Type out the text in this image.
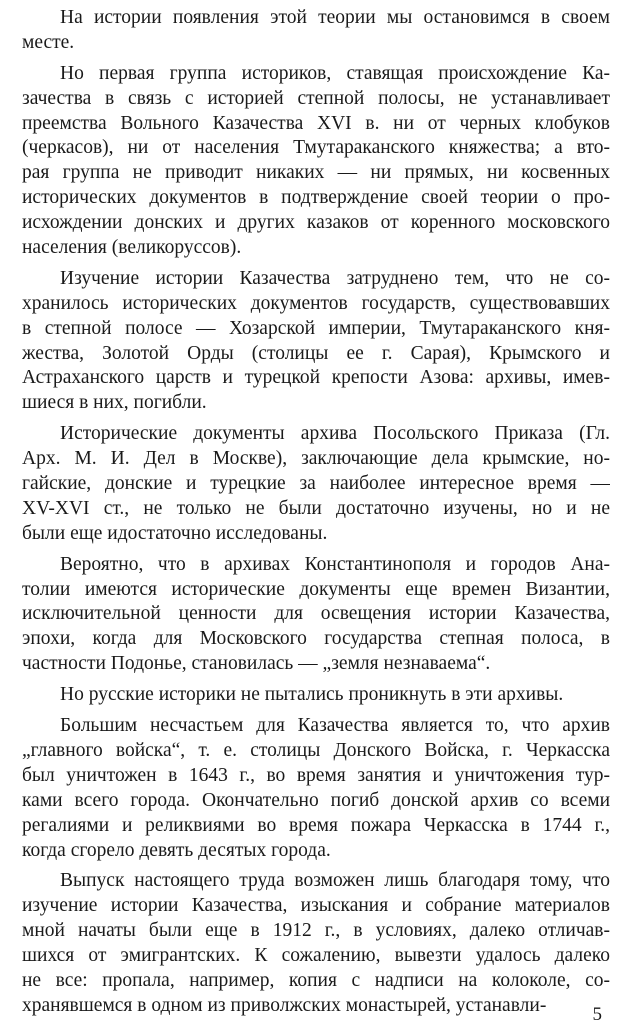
На истории появления этой теории мы остановимся в своем
месте.
Но первая группа историков, ставящая происхождение Ка-
зачества в связь с историей степной полосы, не устанавливает
преемства Вольного Казачества XVI в. ни от черных клобуков
(черкасов), ни от населения Тмутараканского княжества; а вто-
рая группа не приводит никаких — ни прямых, ни косвенных
исторических документов в подтверждение своей теории о про-
исхождении донских и других казаков от коренного московского
населения (великоруссов).
Изучение истории Казачества затруднено тем, что не со-
хранилось исторических документов государств, существовавших
в степной полосе — Хозарской империи, Тмутараканского кня-
жества, Золотой Орды (столицы ее г. Сарая), Крымского и
Астраханского царств и турецкой крепости Азова: архивы, имев-
шиеся в них, погибли.
Исторические документы архива Посольского Приказа (Гл.
Арх. М. И. Дел в Москве), заключающие дела крымские, но-
гайские, донские и турецкие за наиболее интересное время —
XV-XVI ст., не только не были достаточно изучены, но и не
были еще идостаточно исследованы.
Вероятно, что в архивах Константинополя и городов Ана-
толии имеются исторические документы еще времен Византии,
исключительной ценности для освещения истории Казачества,
эпохи, когда для Московского государства степная полоса, в
частности Подонье, становилась — „земля незнаваема“.
Но русские историки не пытались проникнуть в эти архивы.
Большим несчастьем для Казачества является то, что архив
„главного войска“, т. е. столицы Донского Войска, г. Черкасска
был уничтожен в 1643 г., во время занятия и уничтожения тур-
ками всего города. Окончательно погиб донской архив со всеми
регалиями и реликвиями во время пожара Черкасска в 1744 г.,
когда сгорело девять десятых города.
Выпуск настоящего труда возможен лишь благодаря тому, что
изучение истории Казачества, изыскания и собрание материалов
мной начаты были еще в 1912 г., в условиях, далеко отличав-
шихся от эмигрантских. К сожалению, вывезти удалось далеко
не все: пропала, например, копия с надписи на колоколе, со-
хранявшемся в одном из приволжских монастырей, устанавли-	5
